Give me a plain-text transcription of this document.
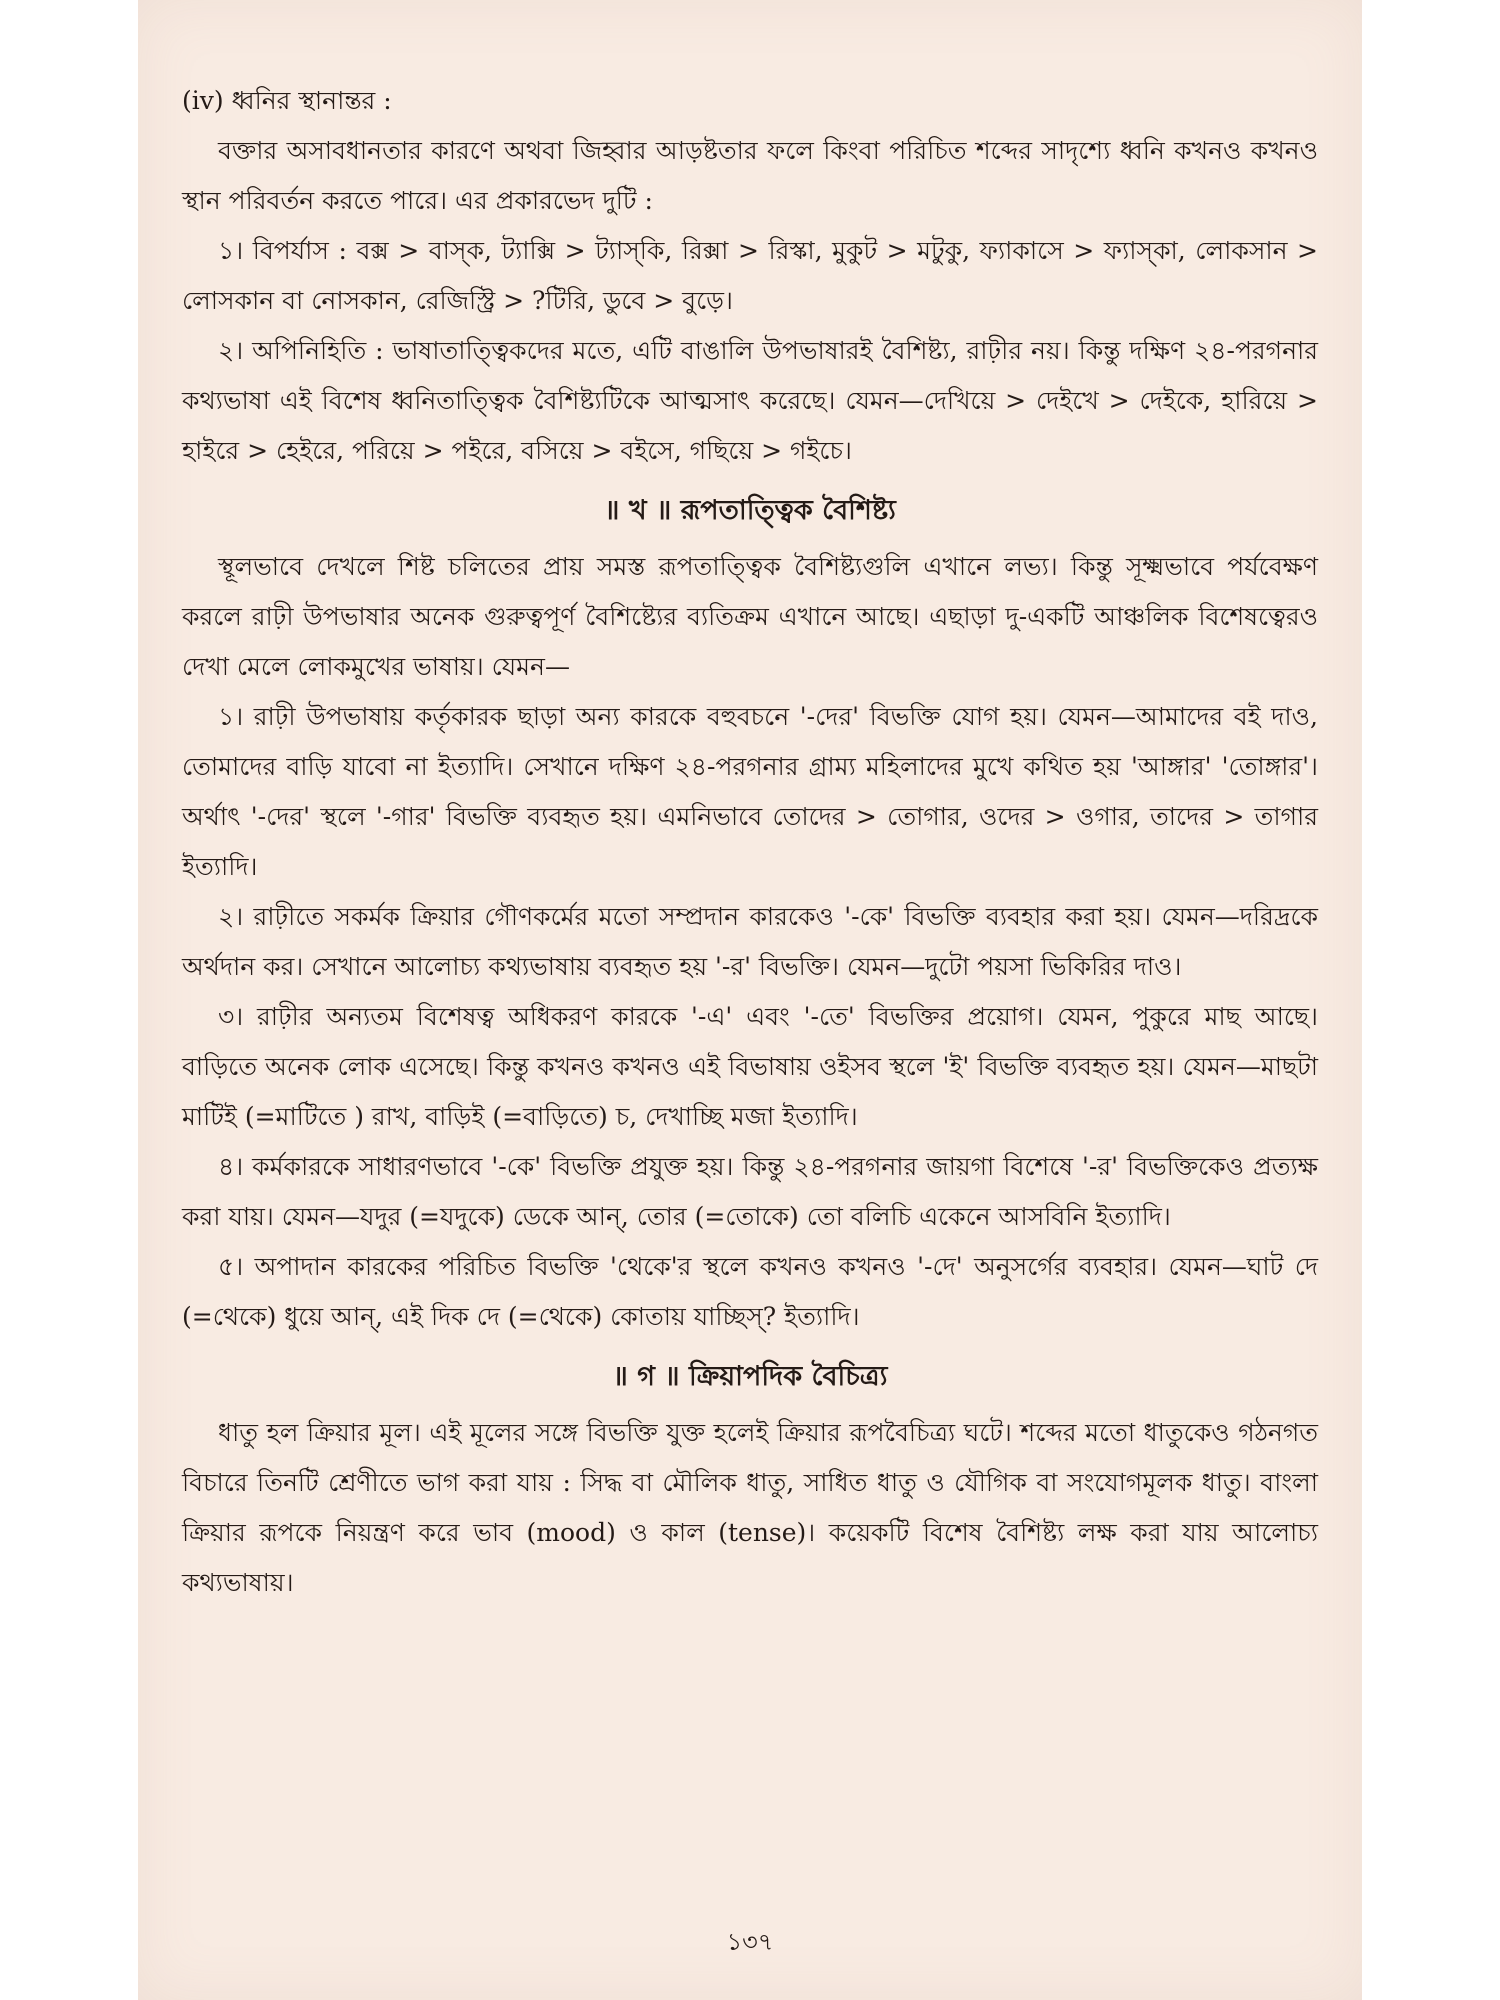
(iv) ধ্বনির স্থানান্তর :

বক্তার অসাবধানতার কারণে অথবা জিহ্বার আড়ষ্টতার ফলে কিংবা পরিচিত শব্দের সাদৃশ্যে ধ্বনি কখনও কখনও স্থান পরিবর্তন করতে পারে। এর প্রকারভেদ দুটি :

১। বিপর্যাস : বক্স > বাস্‌ক, ট্যাক্সি > ট্যাস্‌কি, রিক্সা > রিস্কা, মুকুট > মটুকু, ফ্যাকাসে > ফ্যাস্‌কা, লোকসান > লোসকান বা নোসকান, রেজিস্ট্রি > ?টিরি, ডুবে > বুড়ে।

২। অপিনিহিতি : ভাষাতাত্ত্বিকদের মতে, এটি বাঙালি উপভাষারই বৈশিষ্ট্য, রাঢ়ীর নয়। কিন্তু দক্ষিণ ২৪-পরগনার কথ্যভাষা এই বিশেষ ধ্বনিতাত্ত্বিক বৈশিষ্ট্যটিকে আত্মসাৎ করেছে। যেমন—দেখিয়ে > দেইখে > দেইকে, হারিয়ে > হাইরে > হেইরে, পরিয়ে > পইরে, বসিয়ে > বইসে, গছিয়ে > গইচে।

॥ খ ॥ রূপতাত্ত্বিক বৈশিষ্ট্য

স্থূলভাবে দেখলে শিষ্ট চলিতের প্রায় সমস্ত রূপতাত্ত্বিক বৈশিষ্ট্যগুলি এখানে লভ্য। কিন্তু সূক্ষ্মভাবে পর্যবেক্ষণ করলে রাঢ়ী উপভাষার অনেক গুরুত্বপূর্ণ বৈশিষ্ট্যের ব্যতিক্রম এখানে আছে। এছাড়া দু-একটি আঞ্চলিক বিশেষত্বেরও দেখা মেলে লোকমুখের ভাষায়। যেমন—

১। রাঢ়ী উপভাষায় কর্তৃকারক ছাড়া অন্য কারকে বহুবচনে '-দের' বিভক্তি যোগ হয়। যেমন—আমাদের বই দাও, তোমাদের বাড়ি যাবো না ইত্যাদি। সেখানে দক্ষিণ ২৪-পরগনার গ্রাম্য মহিলাদের মুখে কথিত হয় 'আঙ্গার' 'তোঙ্গার'। অর্থাৎ '-দের' স্থলে '-গার' বিভক্তি ব্যবহৃত হয়। এমনিভাবে তোদের > তোগার, ওদের > ওগার, তাদের > তাগার ইত্যাদি।

২। রাঢ়ীতে সকর্মক ক্রিয়ার গৌণকর্মের মতো সম্প্রদান কারকেও '-কে' বিভক্তি ব্যবহার করা হয়। যেমন—দরিদ্রকে অর্থদান কর। সেখানে আলোচ্য কথ্যভাষায় ব্যবহৃত হয় '-র' বিভক্তি। যেমন—দুটো পয়সা ভিকিরির দাও।

৩। রাঢ়ীর অন্যতম বিশেষত্ব অধিকরণ কারকে '-এ' এবং '-তে' বিভক্তির প্রয়োগ। যেমন, পুকুরে মাছ আছে। বাড়িতে অনেক লোক এসেছে। কিন্তু কখনও কখনও এই বিভাষায় ওইসব স্থলে 'ই' বিভক্তি ব্যবহৃত হয়। যেমন—মাছটা মাটিই (=মাটিতে ) রাখ, বাড়িই (=বাড়িতে) চ, দেখাচ্ছি মজা ইত্যাদি।

৪। কর্মকারকে সাধারণভাবে '-কে' বিভক্তি প্রযুক্ত হয়। কিন্তু ২৪-পরগনার জায়গা বিশেষে '-র' বিভক্তিকেও প্রত্যক্ষ করা যায়। যেমন—যদুর (=যদুকে) ডেকে আন্, তোর (=তোকে) তো বলিচি একেনে আসবিনি ইত্যাদি।

৫। অপাদান কারকের পরিচিত বিভক্তি 'থেকে'র স্থলে কখনও কখনও '-দে' অনুসর্গের ব্যবহার। যেমন—ঘাট দে (=থেকে) ধুয়ে আন্, এই দিক দে (=থেকে) কোতায় যাচ্ছিস্? ইত্যাদি।

॥ গ ॥ ক্রিয়াপদিক বৈচিত্র্য

ধাতু হল ক্রিয়ার মূল। এই মূলের সঙ্গে বিভক্তি যুক্ত হলেই ক্রিয়ার রূপবৈচিত্র্য ঘটে। শব্দের মতো ধাতুকেও গঠনগত বিচারে তিনটি শ্রেণীতে ভাগ করা যায় : সিদ্ধ বা মৌলিক ধাতু, সাধিত ধাতু ও যৌগিক বা সংযোগমূলক ধাতু। বাংলা ক্রিয়ার রূপকে নিয়ন্ত্রণ করে ভাব (mood) ও কাল (tense)। কয়েকটি বিশেষ বৈশিষ্ট্য লক্ষ করা যায় আলোচ্য কথ্যভাষায়।

১৩৭
